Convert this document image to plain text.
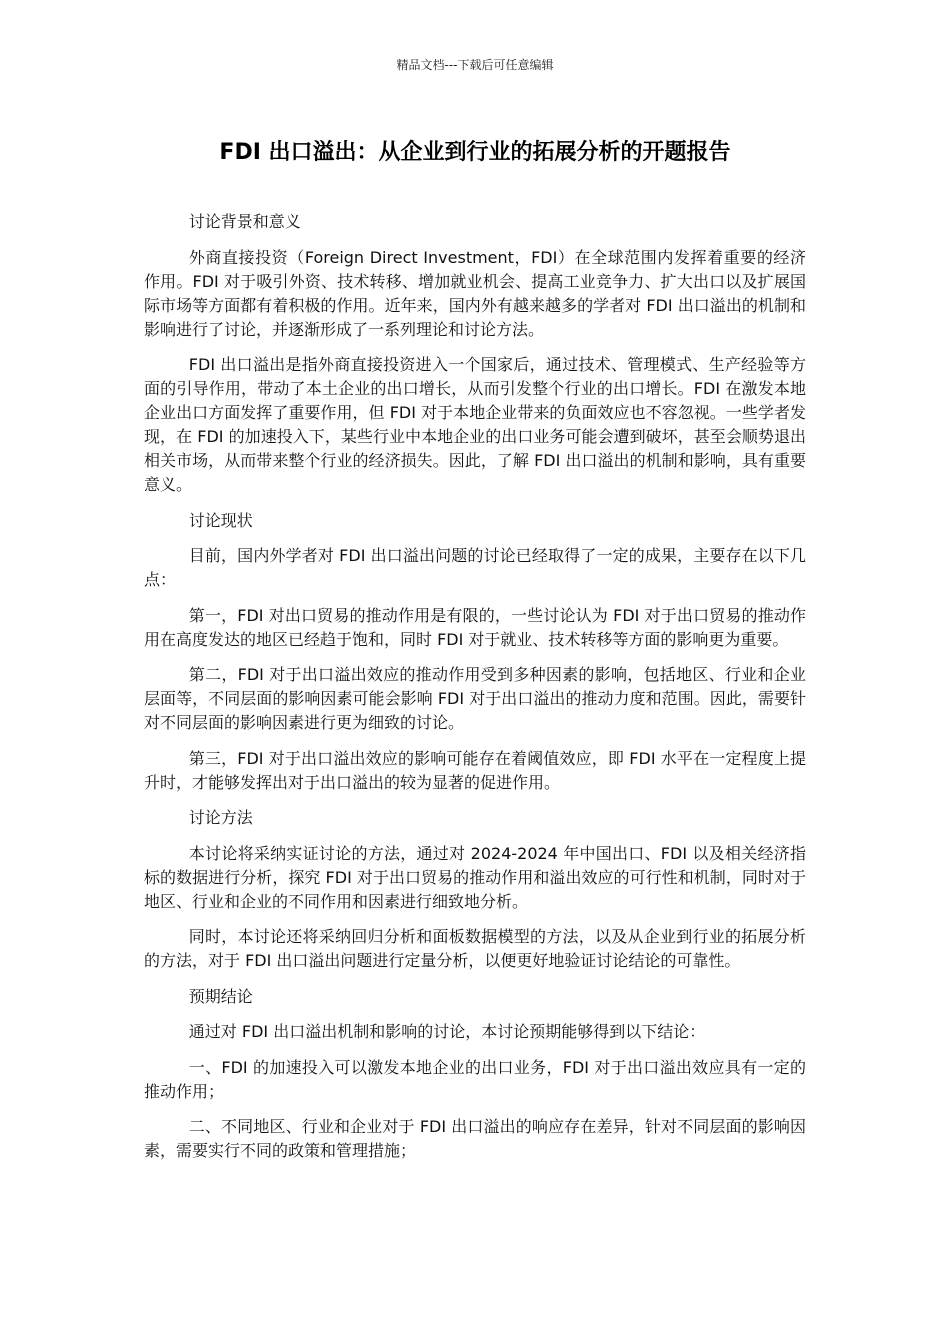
精品文档---下载后可任意编辑
FDI 出口溢出：从企业到行业的拓展分析的开题报告
讨论背景和意义

外商直接投资（Foreign Direct Investment，FDI）在全球范围内发挥着重要的经济作用。FDI 对于吸引外资、技术转移、增加就业机会、提高工业竞争力、扩大出口以及扩展国际市场等方面都有着积极的作用。近年来，国内外有越来越多的学者对 FDI 出口溢出的机制和影响进行了讨论，并逐渐形成了一系列理论和讨论方法。

FDI 出口溢出是指外商直接投资进入一个国家后，通过技术、管理模式、生产经验等方面的引导作用，带动了本土企业的出口增长，从而引发整个行业的出口增长。FDI 在激发本地企业出口方面发挥了重要作用，但 FDI 对于本地企业带来的负面效应也不容忽视。一些学者发现，在 FDI 的加速投入下，某些行业中本地企业的出口业务可能会遭到破坏，甚至会顺势退出相关市场，从而带来整个行业的经济损失。因此，了解 FDI 出口溢出的机制和影响，具有重要意义。

讨论现状

目前，国内外学者对 FDI 出口溢出问题的讨论已经取得了一定的成果，主要存在以下几点：

第一，FDI 对出口贸易的推动作用是有限的，一些讨论认为 FDI 对于出口贸易的推动作用在高度发达的地区已经趋于饱和，同时 FDI 对于就业、技术转移等方面的影响更为重要。

第二，FDI 对于出口溢出效应的推动作用受到多种因素的影响，包括地区、行业和企业层面等，不同层面的影响因素可能会影响 FDI 对于出口溢出的推动力度和范围。因此，需要针对不同层面的影响因素进行更为细致的讨论。

第三，FDI 对于出口溢出效应的影响可能存在着阈值效应，即 FDI 水平在一定程度上提升时，才能够发挥出对于出口溢出的较为显著的促进作用。

讨论方法

本讨论将采纳实证讨论的方法，通过对 2024-2024 年中国出口、FDI 以及相关经济指标的数据进行分析，探究 FDI 对于出口贸易的推动作用和溢出效应的可行性和机制，同时对于地区、行业和企业的不同作用和因素进行细致地分析。

同时，本讨论还将采纳回归分析和面板数据模型的方法，以及从企业到行业的拓展分析的方法，对于 FDI 出口溢出问题进行定量分析，以便更好地验证讨论结论的可靠性。

预期结论

通过对 FDI 出口溢出机制和影响的讨论，本讨论预期能够得到以下结论：

一、FDI 的加速投入可以激发本地企业的出口业务，FDI 对于出口溢出效应具有一定的推动作用；

二、不同地区、行业和企业对于 FDI 出口溢出的响应存在差异，针对不同层面的影响因素，需要实行不同的政策和管理措施；
